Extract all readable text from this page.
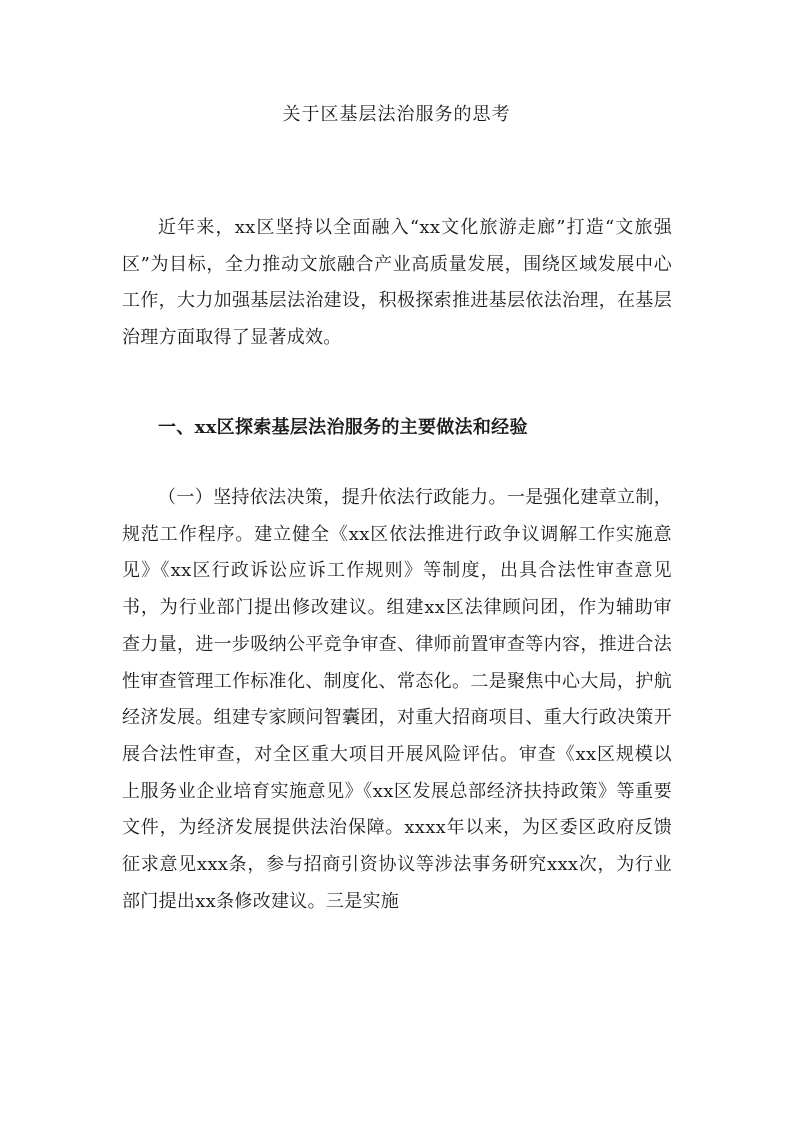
关于区基层法治服务的思考

近年来，xx区坚持以全面融入“xx文化旅游走廊”打造“文旅强区”为目标，全力推动文旅融合产业高质量发展，围绕区域发展中心工作，大力加强基层法治建设，积极探索推进基层依法治理，在基层治理方面取得了显著成效。

一、xx区探索基层法治服务的主要做法和经验

（一）坚持依法决策，提升依法行政能力。一是强化建章立制，规范工作程序。建立健全《xx区依法推进行政争议调解工作实施意见》《xx区行政诉讼应诉工作规则》等制度，出具合法性审查意见书，为行业部门提出修改建议。组建xx区法律顾问团，作为辅助审查力量，进一步吸纳公平竞争审查、律师前置审查等内容，推进合法性审查管理工作标准化、制度化、常态化。二是聚焦中心大局，护航经济发展。组建专家顾问智囊团，对重大招商项目、重大行政决策开展合法性审查，对全区重大项目开展风险评估。审查《xx区规模以上服务业企业培育实施意见》《xx区发展总部经济扶持政策》等重要文件，为经济发展提供法治保障。xxxx年以来，为区委区政府反馈征求意见xxx条，参与招商引资协议等涉法事务研究xxx次，为行业部门提出xx条修改建议。三是实施
